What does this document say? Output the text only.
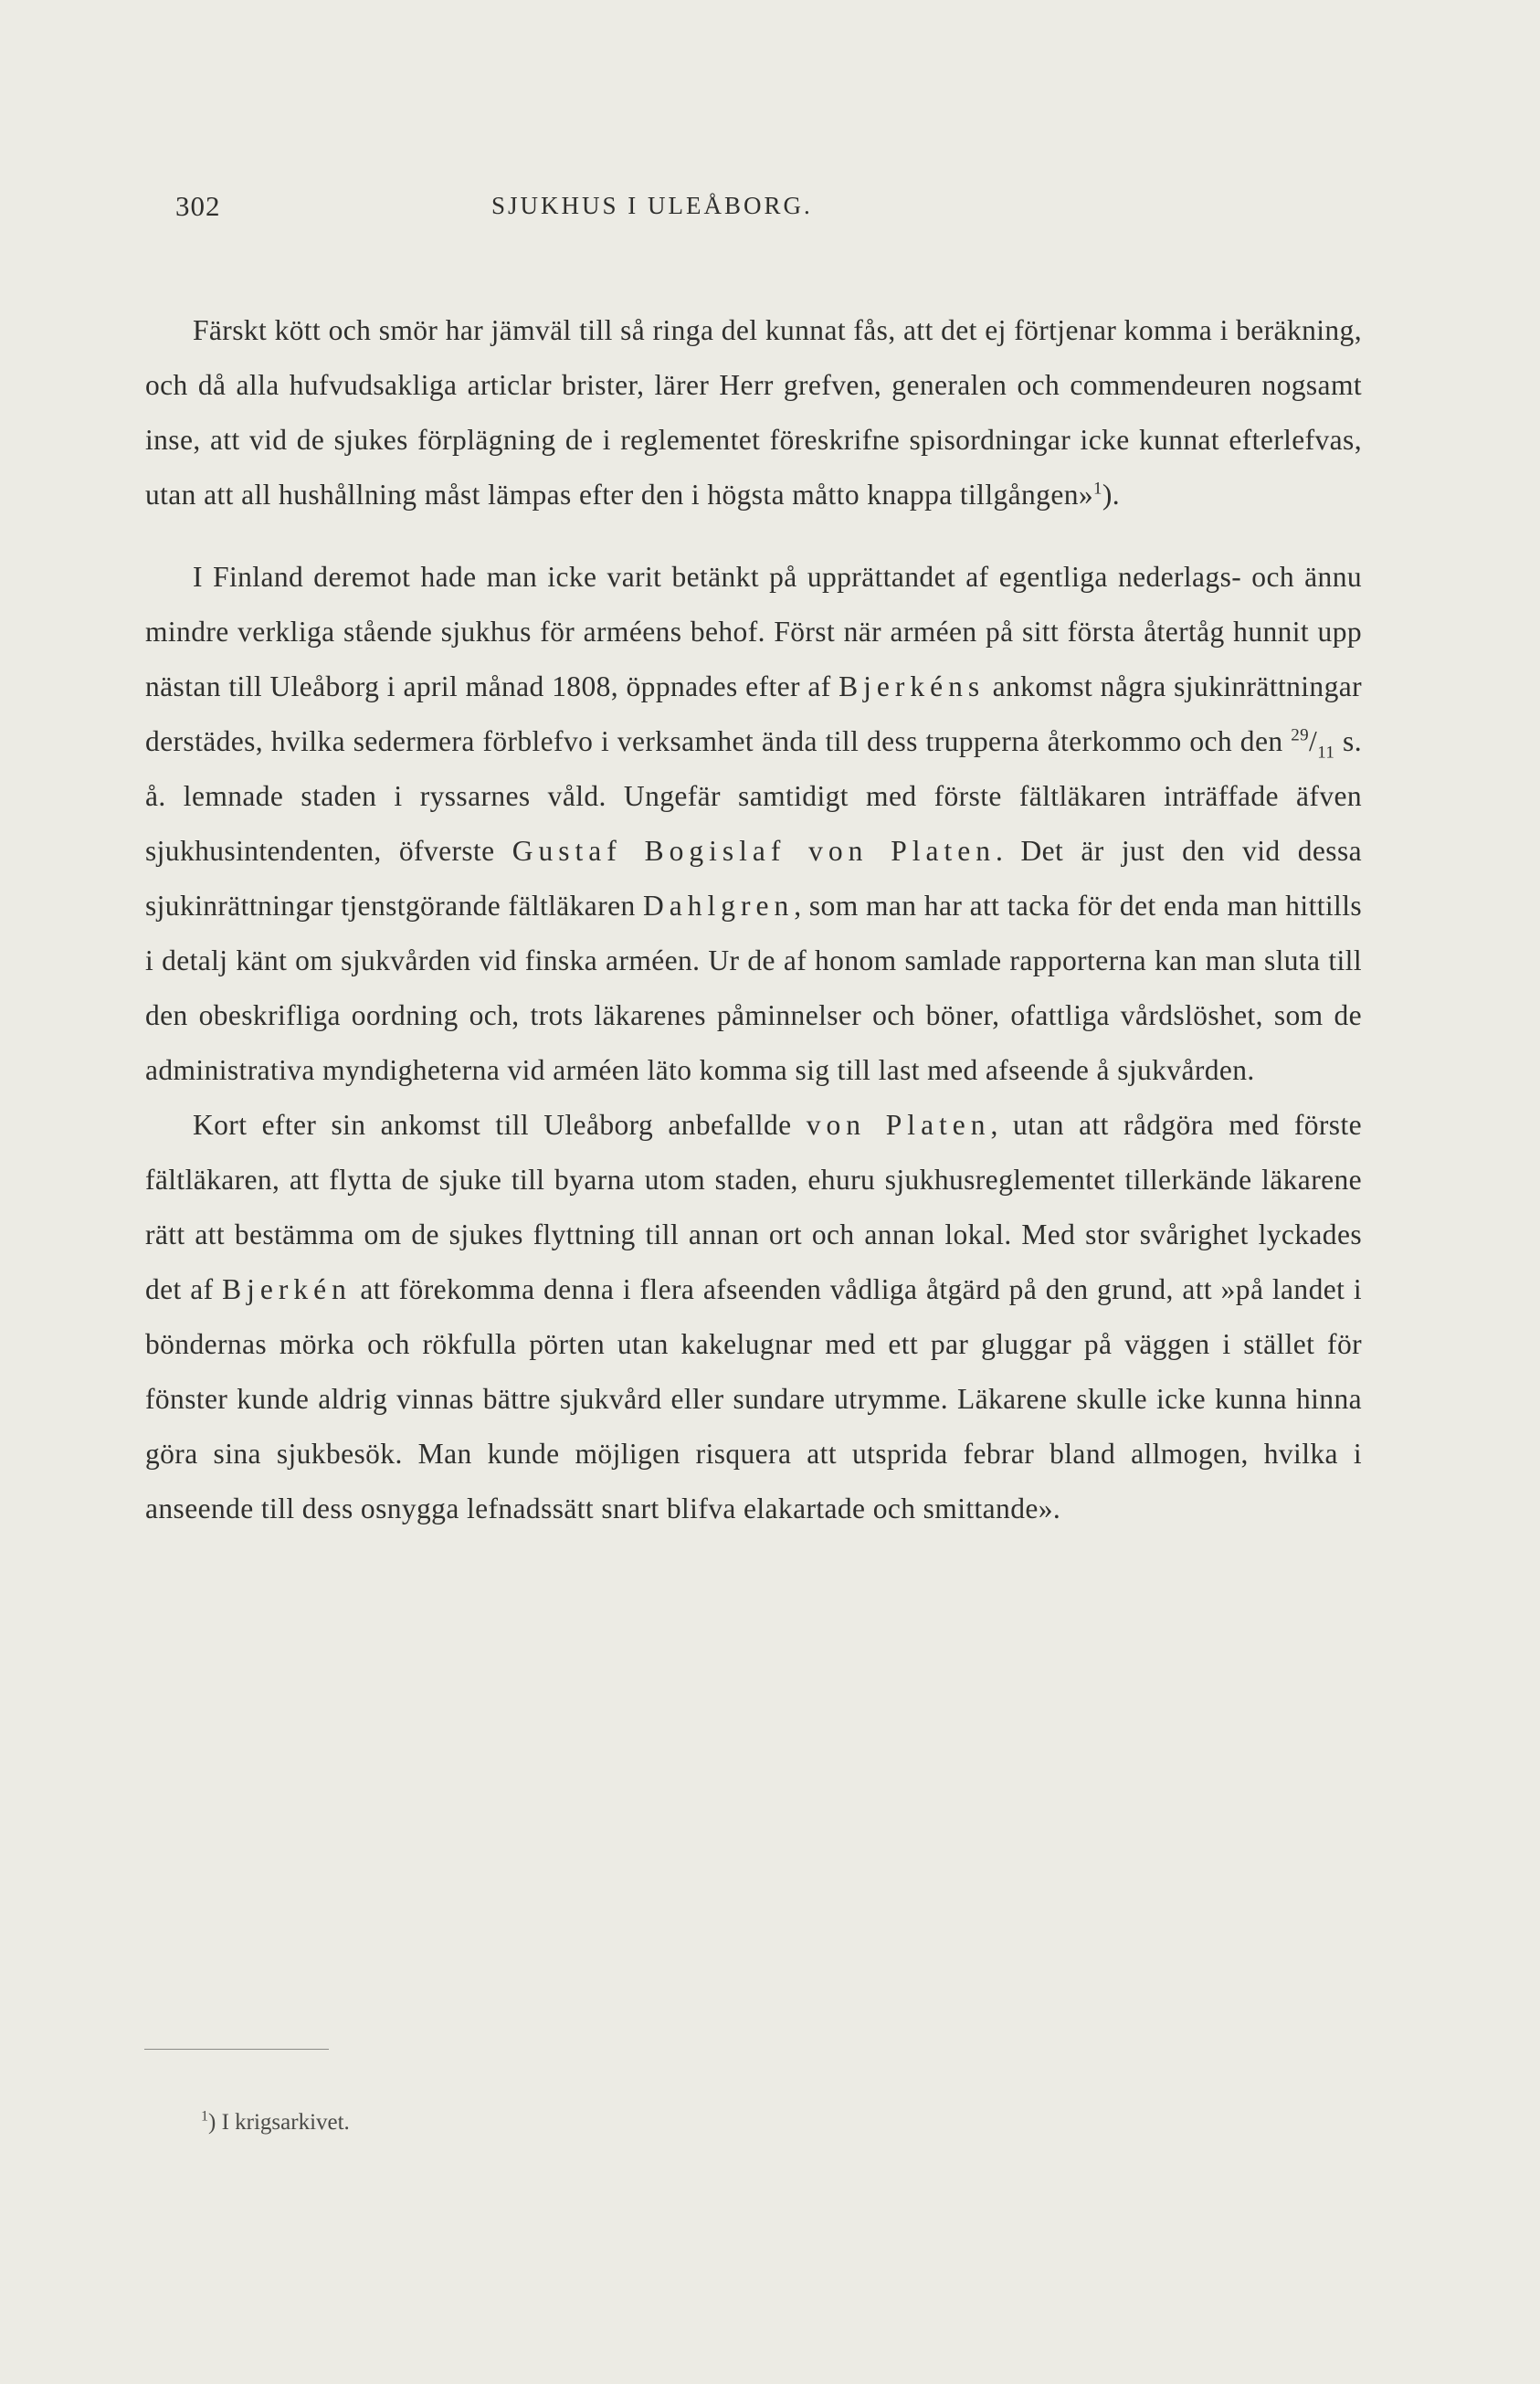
302	SJUKHUS I ULEÅBORG.

Färskt kött och smör har jämväl till så ringa del kunnat fås, att det ej förtjenar komma i beräkning, och då alla hufvudsakliga articlar brister, lärer Herr grefven, generalen och commendeuren nogsamt inse, att vid de sjukes förplägning de i reglementet föreskrifne spisordningar icke kunnat efterlefvas, utan att all hushållning måst lämpas efter den i högsta måtto knappa tillgången»$^1$).

I Finland deremot hade man icke varit betänkt på upprättandet af egentliga nederlags- och ännu mindre verkliga stående sjukhus för arméens behof. Först när arméen på sitt första återtåg hunnit upp nästan till Uleåborg i april månad 1808, öppnades efter af Bjerkéns ankomst några sjukinrättningar derstädes, hvilka sedermera förblefvo i verksamhet ända till dess trupperna återkommo och den $^{29}/_{11}$ s. å. lemnade staden i ryssarnes våld. Ungefär samtidigt med förste fältläkaren inträffade äfven sjukhusintendenten, öfverste Gustaf Bogislaf von Platen. Det är just den vid dessa sjukinrättningar tjenstgörande fältläkaren Dahlgren, som man har att tacka för det enda man hittills i detalj känt om sjukvården vid finska arméen. Ur de af honom samlade rapporterna kan man sluta till den obeskrifliga oordning och, trots läkarenes påminnelser och böner, ofattliga vårdslöshet, som de administrativa myndigheterna vid arméen läto komma sig till last med afseende å sjukvården.

Kort efter sin ankomst till Uleåborg anbefallde von Platen, utan att rådgöra med förste fältläkaren, att flytta de sjuke till byarna utom staden, ehuru sjukhusreglementet tillerkände läkarene rätt att bestämma om de sjukes flyttning till annan ort och annan lokal. Med stor svårighet lyckades det af Bjerkén att förekomma denna i flera afseenden vådliga åtgärd på den grund, att »på landet i böndernas mörka och rökfulla pörten utan kakelugnar med ett par gluggar på väggen i stället för fönster kunde aldrig vinnas bättre sjukvård eller sundare utrymme. Läkarene skulle icke kunna hinna göra sina sjukbesök. Man kunde möjligen risquera att utsprida febrar bland allmogen, hvilka i anseende till dess osnygga lefnadssätt snart blifva elakartade och smittande».

$^1$) I krigsarkivet.
